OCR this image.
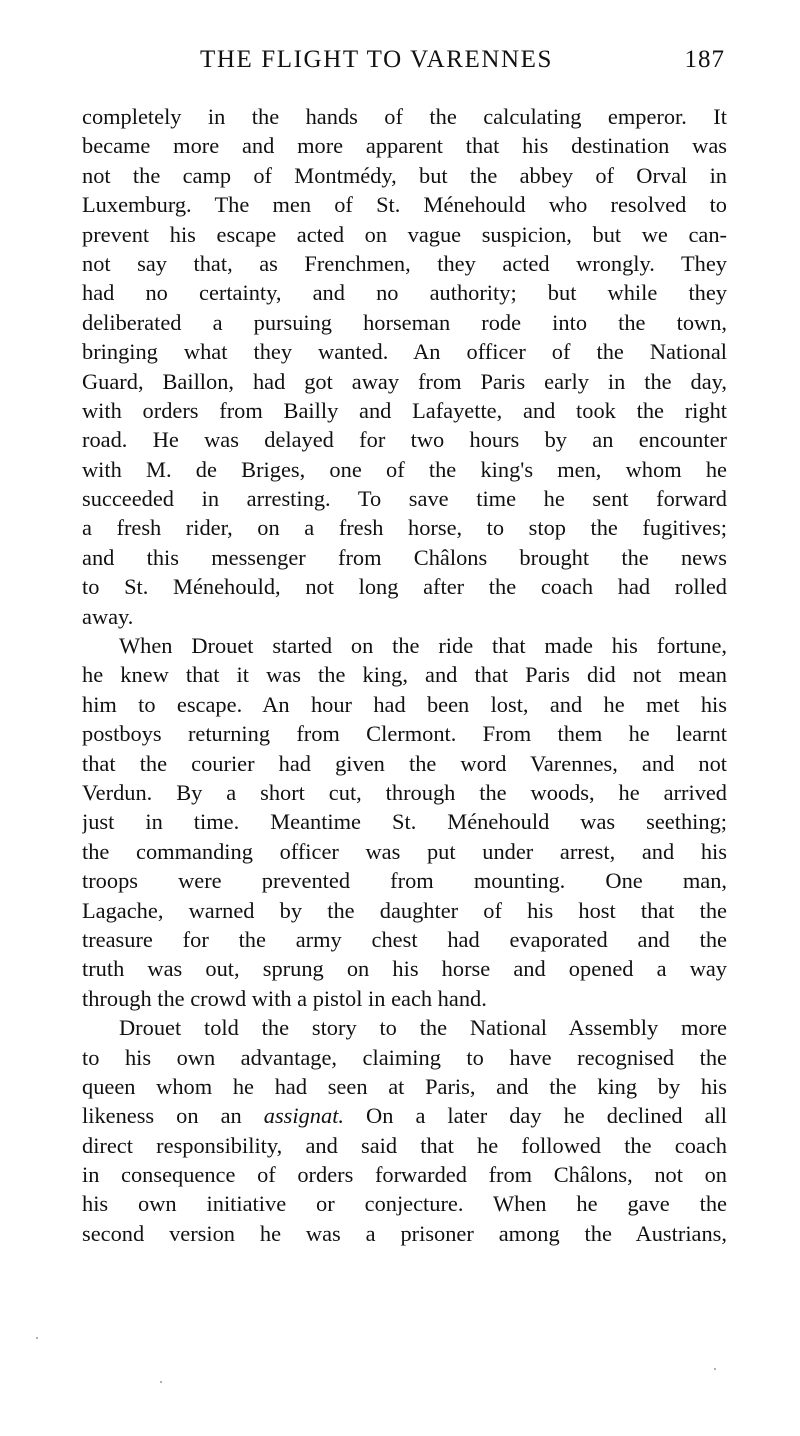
THE FLIGHT TO VARENNES	187
completely in the hands of the calculating emperor. It
became more and more apparent that his destination was
not the camp of Montmédy, but the abbey of Orval in
Luxemburg. The men of St. Ménehould who resolved to
prevent his escape acted on vague suspicion, but we can-
not say that, as Frenchmen, they acted wrongly. They
had no certainty, and no authority; but while they
deliberated a pursuing horseman rode into the town,
bringing what they wanted. An officer of the National
Guard, Baillon, had got away from Paris early in the day,
with orders from Bailly and Lafayette, and took the right
road. He was delayed for two hours by an encounter
with M. de Briges, one of the king's men, whom he
succeeded in arresting. To save time he sent forward
a fresh rider, on a fresh horse, to stop the fugitives;
and this messenger from Châlons brought the news
to St. Ménehould, not long after the coach had rolled
away.
When Drouet started on the ride that made his fortune,
he knew that it was the king, and that Paris did not mean
him to escape. An hour had been lost, and he met his
postboys returning from Clermont. From them he learnt
that the courier had given the word Varennes, and not
Verdun. By a short cut, through the woods, he arrived
just in time. Meantime St. Ménehould was seething;
the commanding officer was put under arrest, and his
troops were prevented from mounting. One man,
Lagache, warned by the daughter of his host that the
treasure for the army chest had evaporated and the
truth was out, sprung on his horse and opened a way
through the crowd with a pistol in each hand.
Drouet told the story to the National Assembly more
to his own advantage, claiming to have recognised the
queen whom he had seen at Paris, and the king by his
likeness on an assignat. On a later day he declined all
direct responsibility, and said that he followed the coach
in consequence of orders forwarded from Châlons, not on
his own initiative or conjecture. When he gave the
second version he was a prisoner among the Austrians,
